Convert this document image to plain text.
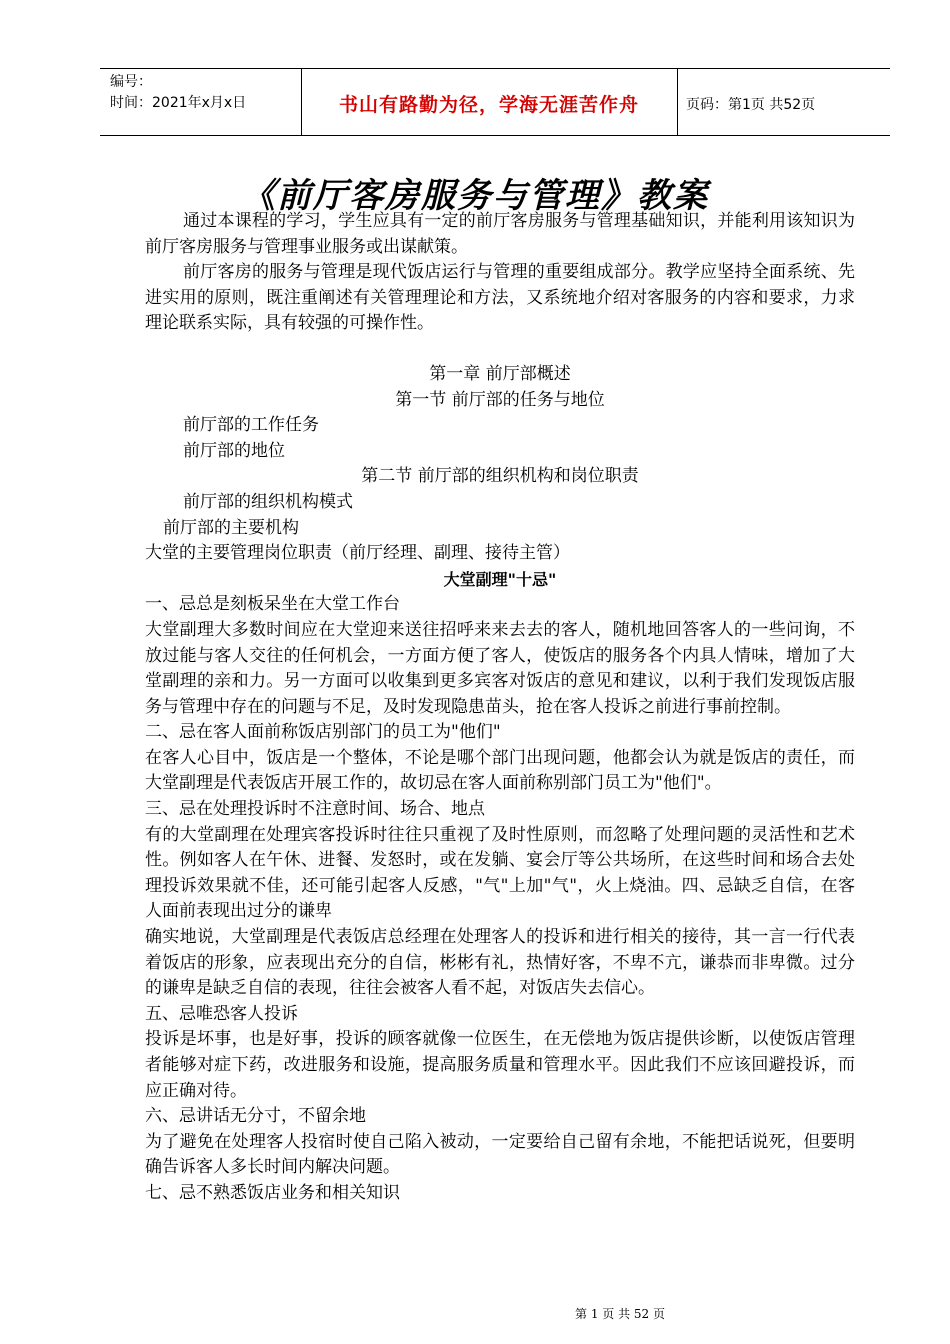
编号：
时间：2021年x月x日	书山有路勤为径，学海无涯苦作舟	页码：第1页 共52页
《前厅客房服务与管理》教案

通过本课程的学习，学生应具有一定的前厅客房服务与管理基础知识，并能利用该知识为前厅客房服务与管理事业服务或出谋献策。

前厅客房的服务与管理是现代饭店运行与管理的重要组成部分。教学应坚持全面系统、先进实用的原则，既注重阐述有关管理理论和方法，又系统地介绍对客服务的内容和要求，力求理论联系实际，具有较强的可操作性。

第一章 前厅部概述

第一节 前厅部的任务与地位

前厅部的工作任务

前厅部的地位

第二节 前厅部的组织机构和岗位职责

前厅部的组织机构模式

前厅部的主要机构

大堂的主要管理岗位职责（前厅经理、副理、接待主管）

大堂副理"十忌"

一、忌总是刻板呆坐在大堂工作台

大堂副理大多数时间应在大堂迎来送往招呼来来去去的客人，随机地回答客人的一些问询，不放过能与客人交往的任何机会，一方面方便了客人，使饭店的服务各个内具人情味，增加了大堂副理的亲和力。另一方面可以收集到更多宾客对饭店的意见和建议，以利于我们发现饭店服务与管理中存在的问题与不足，及时发现隐患苗头，抢在客人投诉之前进行事前控制。

二、忌在客人面前称饭店别部门的员工为"他们"

在客人心目中，饭店是一个整体，不论是哪个部门出现问题，他都会认为就是饭店的责任，而大堂副理是代表饭店开展工作的，故切忌在客人面前称别部门员工为"他们"。

三、忌在处理投诉时不注意时间、场合、地点

有的大堂副理在处理宾客投诉时往往只重视了及时性原则，而忽略了处理问题的灵活性和艺术性。例如客人在午休、进餐、发怒时，或在发躺、宴会厅等公共场所，在这些时间和场合去处理投诉效果就不佳，还可能引起客人反感，"气"上加"气"，火上烧油。四、忌缺乏自信，在客人面前表现出过分的谦卑

确实地说，大堂副理是代表饭店总经理在处理客人的投诉和进行相关的接待，其一言一行代表着饭店的形象，应表现出充分的自信，彬彬有礼，热情好客，不卑不亢，谦恭而非卑微。过分的谦卑是缺乏自信的表现，往往会被客人看不起，对饭店失去信心。

五、忌唯恐客人投诉

投诉是坏事，也是好事，投诉的顾客就像一位医生，在无偿地为饭店提供诊断，以使饭店管理者能够对症下药，改进服务和设施，提高服务质量和管理水平。因此我们不应该回避投诉，而应正确对待。

六、忌讲话无分寸，不留余地

为了避免在处理客人投宿时使自己陷入被动，一定要给自己留有余地，不能把话说死，但要明确告诉客人多长时间内解决问题。

七、忌不熟悉饭店业务和相关知识

第 1 页 共 52 页
